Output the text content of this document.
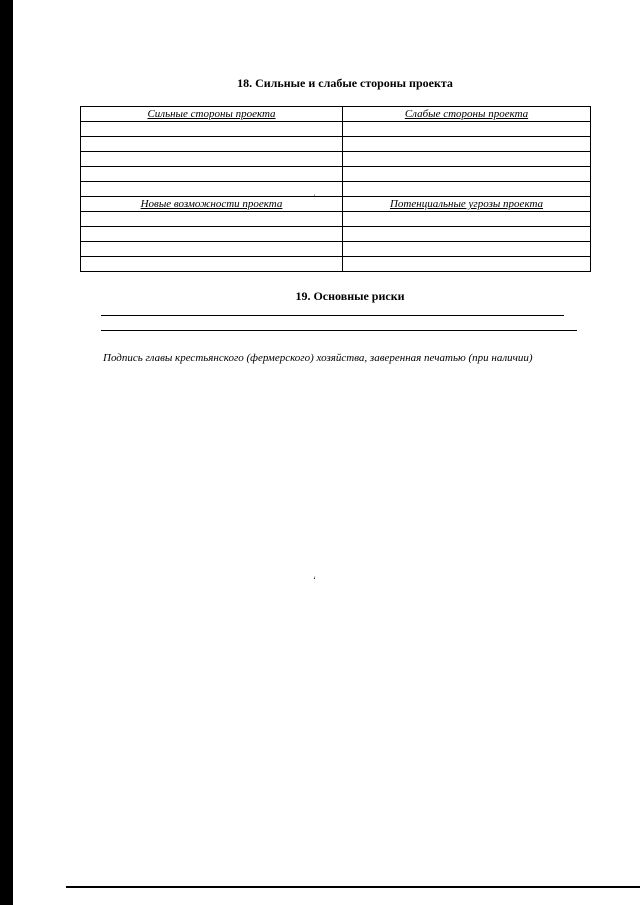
18. Сильные и слабые стороны проекта
Сильные стороны проекта	Слабые стороны проекта

Новые возможности проекта	Потенциальные угрозы проекта

19. Основные риски

Подпись главы крестьянского (фермерского) хозяйства, заверенная печатью (при наличии)

ˌ
ʻ
